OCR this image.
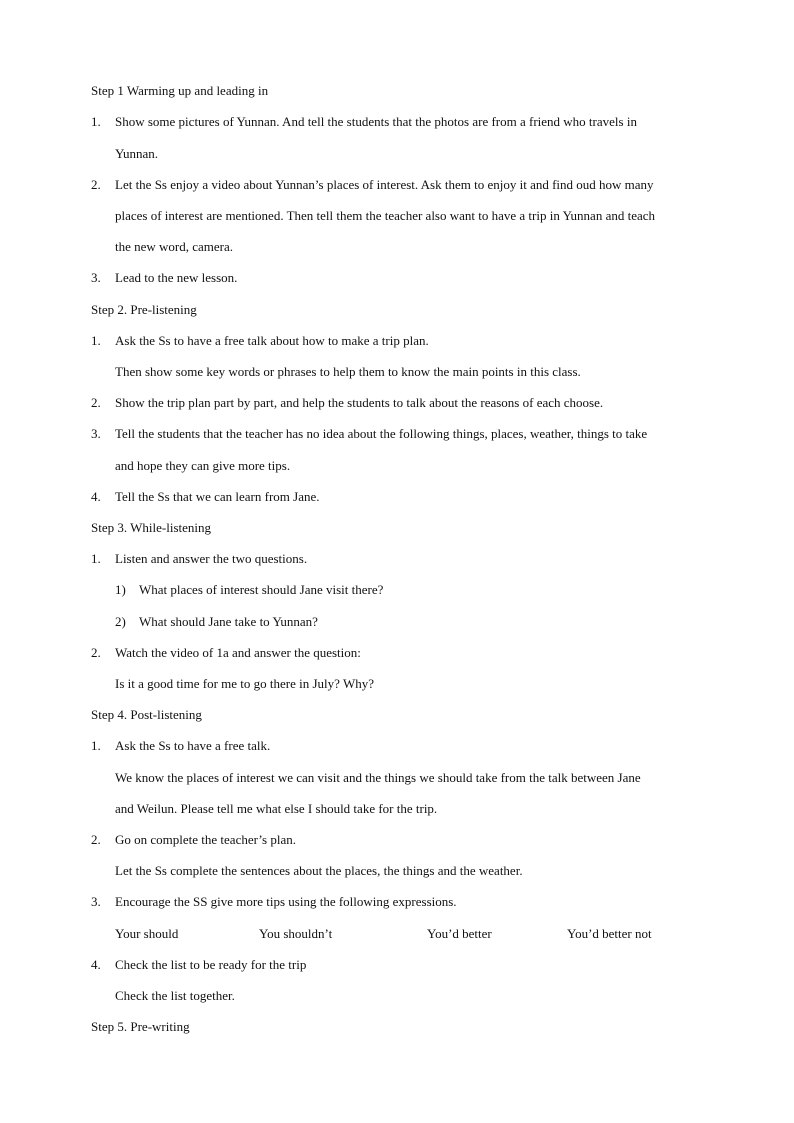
Step 1 Warming up and leading in
1. Show some pictures of Yunnan. And tell the students that the photos are from a friend who travels in
Yunnan.
2. Let the Ss enjoy a video about Yunnan’s places of interest. Ask them to enjoy it and find oud how many
places of interest are mentioned. Then tell them the teacher also want to have a trip in Yunnan and teach
the new word, camera.
3. Lead to the new lesson.
Step 2. Pre-listening
1. Ask the Ss to have a free talk about how to make a trip plan.
Then show some key words or phrases to help them to know the main points in this class.
2. Show the trip plan part by part, and help the students to talk about the reasons of each choose.
3. Tell the students that the teacher has no idea about the following things, places, weather, things to take
and hope they can give more tips.
4. Tell the Ss that we can learn from Jane.
Step 3. While-listening
1. Listen and answer the two questions.
1) What places of interest should Jane visit there?
2) What should Jane take to Yunnan?
2. Watch the video of 1a and answer the question:
Is it a good time for me to go there in July? Why?
Step 4. Post-listening
1. Ask the Ss to have a free talk.
We know the places of interest we can visit and the things we should take from the talk between Jane
and Weilun. Please tell me what else I should take for the trip.
2. Go on complete the teacher’s plan.
Let the Ss complete the sentences about the places, the things and the weather.
3. Encourage the SS give more tips using the following expressions.
Your should	You shouldn’t	You’d better	You’d better not
4. Check the list to be ready for the trip
Check the list together.
Step 5. Pre-writing
